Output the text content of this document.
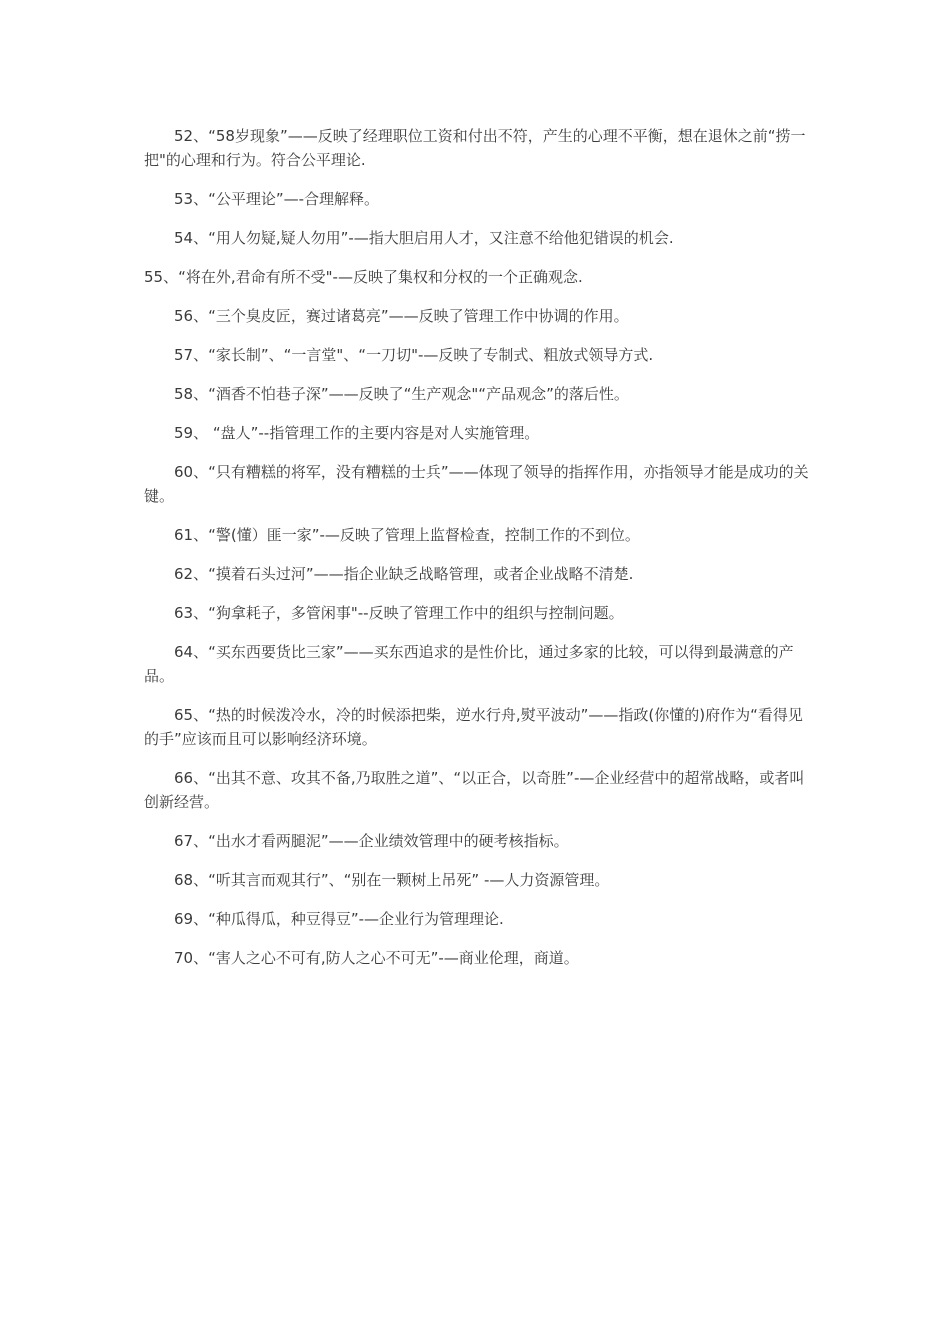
52、“58岁现象”——反映了经理职位工资和付出不符，产生的心理不平衡，想在退休之前“捞一把"的心理和行为。符合公平理论.

53、“公平理论”—-合理解释。

54、“用人勿疑,疑人勿用”-—指大胆启用人才，又注意不给他犯错误的机会.

55、“将在外,君命有所不受"-—反映了集权和分权的一个正确观念.

56、“三个臭皮匠，赛过诸葛亮”——反映了管理工作中协调的作用。

57、“家长制”、“一言堂"、“一刀切"-—反映了专制式、粗放式领导方式.

58、“酒香不怕巷子深”——反映了“生产观念"“产品观念”的落后性。

59、 “盘人”--指管理工作的主要内容是对人实施管理。

60、“只有糟糕的将军，没有糟糕的士兵”——体现了领导的指挥作用，亦指领导才能是成功的关键。

61、“警(懂）匪一家”-—反映了管理上监督检查，控制工作的不到位。

62、“摸着石头过河”——指企业缺乏战略管理，或者企业战略不清楚.

63、“狗拿耗子，多管闲事"--反映了管理工作中的组织与控制问题。

64、“买东西要货比三家”——买东西追求的是性价比，通过多家的比较，可以得到最满意的产品。

65、“热的时候泼冷水，冷的时候添把柴，逆水行舟,熨平波动”——指政(你懂的)府作为“看得见的手”应该而且可以影响经济环境。

66、“出其不意、攻其不备,乃取胜之道”、“以正合，以奇胜”-—企业经营中的超常战略，或者叫创新经营。

67、“出水才看两腿泥”——企业绩效管理中的硬考核指标。

68、“听其言而观其行”、“别在一颗树上吊死” -—人力资源管理。

69、“种瓜得瓜，种豆得豆”-—企业行为管理理论.

70、“害人之心不可有,防人之心不可无”-—商业伦理，商道。
